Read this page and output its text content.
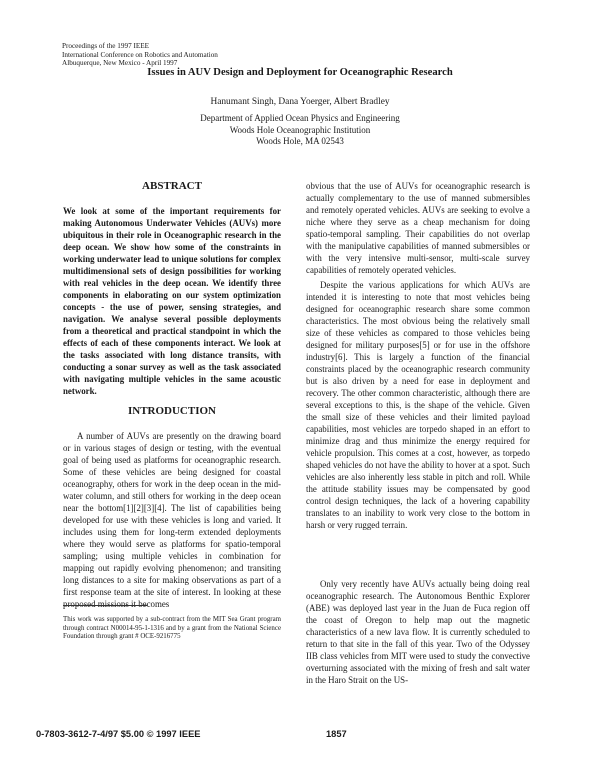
Proceedings of the 1997 IEEE
International Conference on Robotics and Automation
Albuquerque, New Mexico - April 1997
Issues in AUV Design and Deployment for Oceanographic Research
Hanumant Singh, Dana Yoerger, Albert Bradley
Department of Applied Ocean Physics and Engineering
Woods Hole Oceanographic Institution
Woods Hole, MA 02543
ABSTRACT

We look at some of the important requirements for making Autonomous Underwater Vehicles (AUVs) more ubiquitous in their role in Oceanographic research in the deep ocean. We show how some of the constraints in working underwater lead to unique solutions for complex multidimensional sets of design possibilities for working with real vehicles in the deep ocean. We identify three components in elaborating on our system optimization concepts - the use of power, sensing strategies, and navigation. We analyse several possible deployments from a theoretical and practical standpoint in which the effects of each of these components interact. We look at the tasks associated with long distance transits, with conducting a sonar survey as well as the task associated with navigating multiple vehicles in the same acoustic network.

INTRODUCTION

A number of AUVs are presently on the drawing board or in various stages of design or testing, with the eventual goal of being used as platforms for oceanographic research. Some of these vehicles are being designed for coastal oceanography, others for work in the deep ocean in the mid-water column, and still others for working in the deep ocean near the bottom[1][2][3][4]. The list of capabilities being developed for use with these vehicles is long and varied. It includes using them for long-term extended deployments where they would serve as platforms for spatio-temporal sampling; using multiple vehicles in combination for mapping out rapidly evolving phenomenon; and transiting long distances to a site for making observations as part of a first response team at the site of interest. In looking at these proposed missions it becomes

This work was supported by a sub-contract from the MIT Sea Grant program through contract N00014-95-1-1316 and by a grant from the National Science Foundation through grant # OCE-9216775

obvious that the use of AUVs for oceanographic research is actually complementary to the use of manned submersibles and remotely operated vehicles. AUVs are seeking to evolve a niche where they serve as a cheap mechanism for doing spatio-temporal sampling. Their capabilities do not overlap with the manipulative capabilities of manned submersibles or with the very intensive multi-sensor, multi-scale survey capabilities of remotely operated vehicles.

Despite the various applications for which AUVs are intended it is interesting to note that most vehicles being designed for oceanographic research share some common characteristics. The most obvious being the relatively small size of these vehicles as compared to those vehicles being designed for military purposes[5] or for use in the offshore industry[6]. This is largely a function of the financial constraints placed by the oceanographic research community but is also driven by a need for ease in deployment and recovery. The other common characteristic, although there are several exceptions to this, is the shape of the vehicle. Given the small size of these vehicles and their limited payload capabilities, most vehicles are torpedo shaped in an effort to minimize drag and thus minimize the energy required for vehicle propulsion. This comes at a cost, however, as torpedo shaped vehicles do not have the ability to hover at a spot. Such vehicles are also inherently less stable in pitch and roll. While the attitude stability issues may be compensated by good control design techniques, the lack of a hovering capability translates to an inability to work very close to the bottom in harsh or very rugged terrain.

Only very recently have AUVs actually being doing real oceanographic research. The Autonomous Benthic Explorer (ABE) was deployed last year in the Juan de Fuca region off the coast of Oregon to help map out the magnetic characteristics of a new lava flow. It is currently scheduled to return to that site in the fall of this year. Two of the Odyssey IIB class vehicles from MIT were used to study the convective overturning associated with the mixing of fresh and salt water in the Haro Strait on the US-

0-7803-3612-7-4/97 $5.00 © 1997 IEEE	1857
